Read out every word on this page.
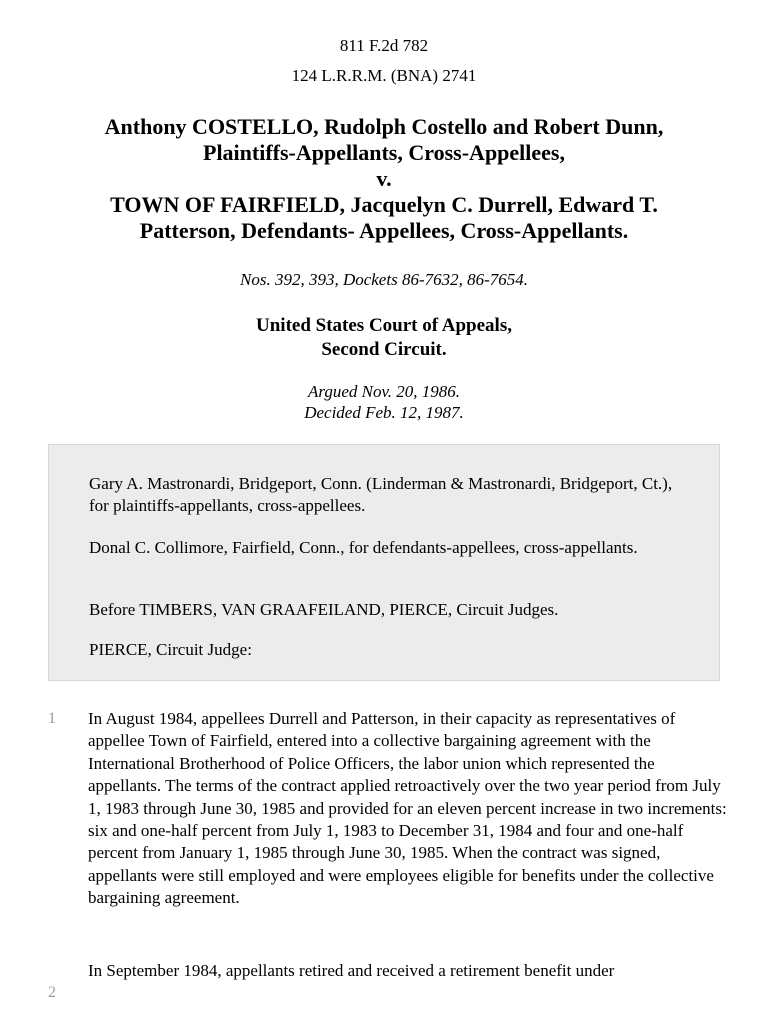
811 F.2d 782
124 L.R.R.M. (BNA) 2741
Anthony COSTELLO, Rudolph Costello and Robert Dunn,
Plaintiffs-Appellants, Cross-Appellees,
v.
TOWN OF FAIRFIELD, Jacquelyn C. Durrell, Edward T.
Patterson, Defendants- Appellees, Cross-Appellants.
Nos. 392, 393, Dockets 86-7632, 86-7654.
United States Court of Appeals,
Second Circuit.
Argued Nov. 20, 1986.
Decided Feb. 12, 1987.
Gary A. Mastronardi, Bridgeport, Conn. (Linderman & Mastronardi, Bridgeport, Ct.), for plaintiffs-appellants, cross-appellees.
Donal C. Collimore, Fairfield, Conn., for defendants-appellees, cross-appellants.
Before TIMBERS, VAN GRAAFEILAND, PIERCE, Circuit Judges.
PIERCE, Circuit Judge:
1 In August 1984, appellees Durrell and Patterson, in their capacity as representatives of appellee Town of Fairfield, entered into a collective bargaining agreement with the International Brotherhood of Police Officers, the labor union which represented the appellants. The terms of the contract applied retroactively over the two year period from July 1, 1983 through June 30, 1985 and provided for an eleven percent increase in two increments: six and one-half percent from July 1, 1983 to December 31, 1984 and four and one-half percent from January 1, 1985 through June 30, 1985. When the contract was signed, appellants were still employed and were employees eligible for benefits under the collective bargaining agreement.
2
In September 1984, appellants retired and received a retirement benefit under
